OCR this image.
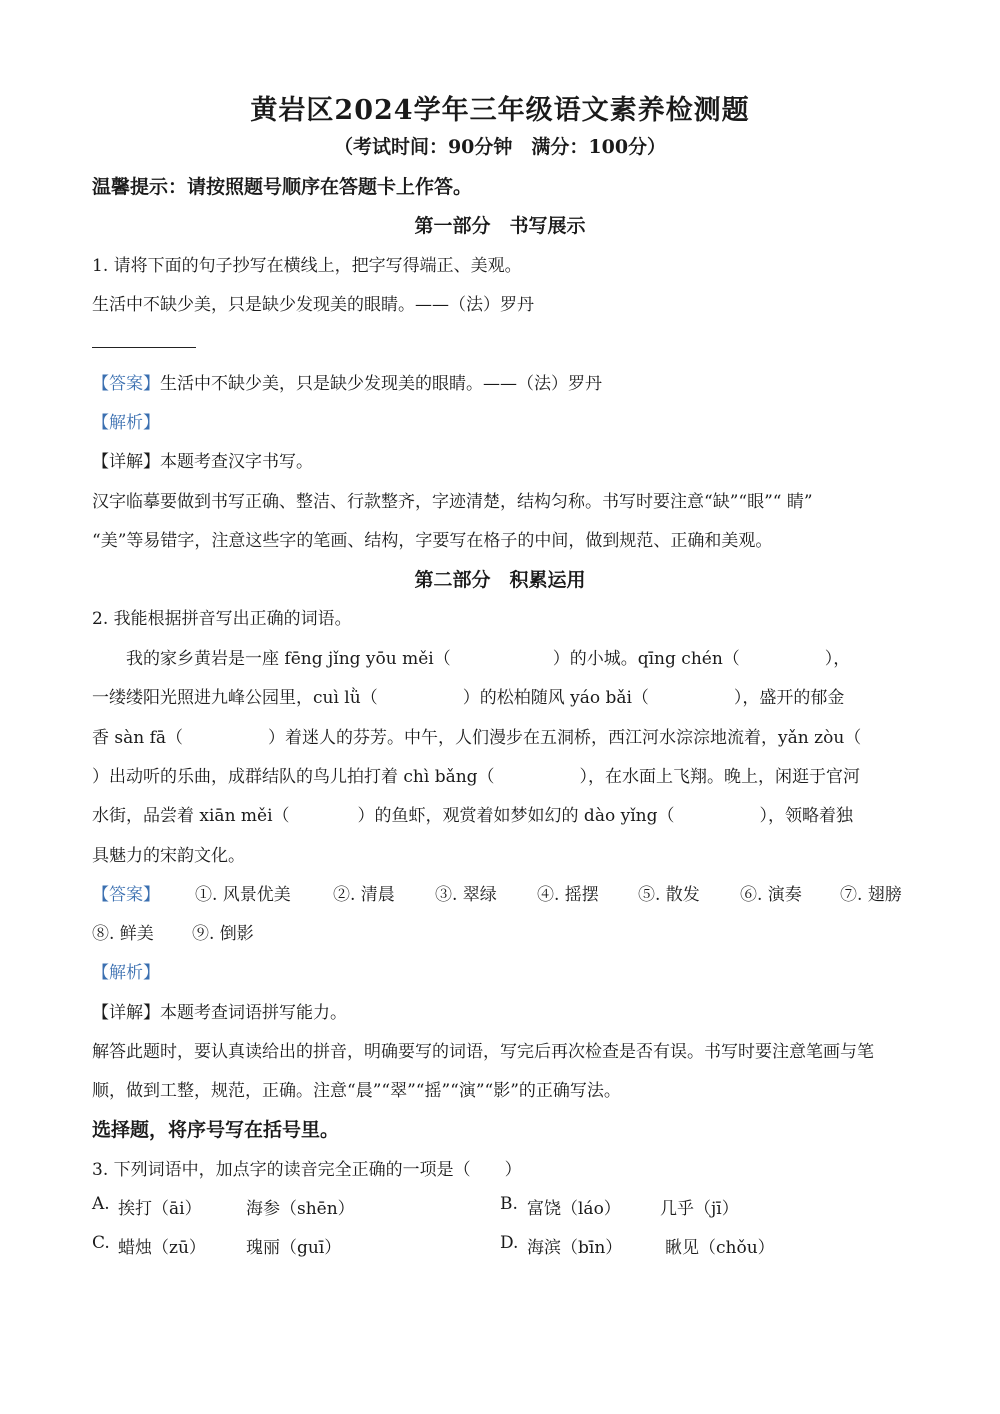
黄岩区2024学年三年级语文素养检测题
（考试时间：90分钟　满分：100分）
温馨提示：请按照题号顺序在答题卡上作答。
第一部分　书写展示
1. 请将下面的句子抄写在横线上，把字写得端正、美观。
生活中不缺少美，只是缺少发现美的眼睛。——（法）罗丹
【答案】生活中不缺少美，只是缺少发现美的眼睛。——（法）罗丹
【解析】
【详解】本题考查汉字书写。
汉字临摹要做到书写正确、整洁、行款整齐，字迹清楚，结构匀称。书写时要注意“缺”“眼”“ 睛”
“美”等易错字，注意这些字的笔画、结构，字要写在格子的中间，做到规范、正确和美观。
第二部分　积累运用
2. 我能根据拼音写出正确的词语。
　　我的家乡黄岩是一座 fēng jǐng yōu měi（　　　　　　）的小城。qīng chén（　　　　　），
一缕缕阳光照进九峰公园里，cuì lǜ（　　　　　）的松柏随风 yáo bǎi（　　　　　），盛开的郁金
香 sàn fā（　　　　　）着迷人的芬芳。中午，人们漫步在五洞桥，西江河水淙淙地流着，yǎn zòu（
）出动听的乐曲，成群结队的鸟儿拍打着 chì bǎng（　　　　　），在水面上飞翔。晚上，闲逛于官河
水街，品尝着 xiān měi（　　　　）的鱼虾，观赏着如梦如幻的 dào yǐng（　　　　　），领略着独
具魅力的宋韵文化。
【答案】 ①. 风景优美 ②. 清晨 ③. 翠绿 ④. 摇摆 ⑤. 散发 ⑥. 演奏 ⑦. 翅膀
⑧. 鲜美 ⑨. 倒影
【解析】
【详解】本题考查词语拼写能力。
解答此题时，要认真读给出的拼音，明确要写的词语，写完后再次检查是否有误。书写时要注意笔画与笔
顺，做到工整，规范，正确。注意“晨”“翠”“摇”“演”“影”的正确写法。
选择题，将序号写在括号里。
3. 下列词语中，加点字的读音完全正确的一项是（　　）
A. 挨打（āi）	海参（shēn）	B. 富饶（láo） 几乎（jī）
C. 蜡烛（zū） 瑰丽（guī）	D. 海滨（bīn）	瞅见（chǒu）
